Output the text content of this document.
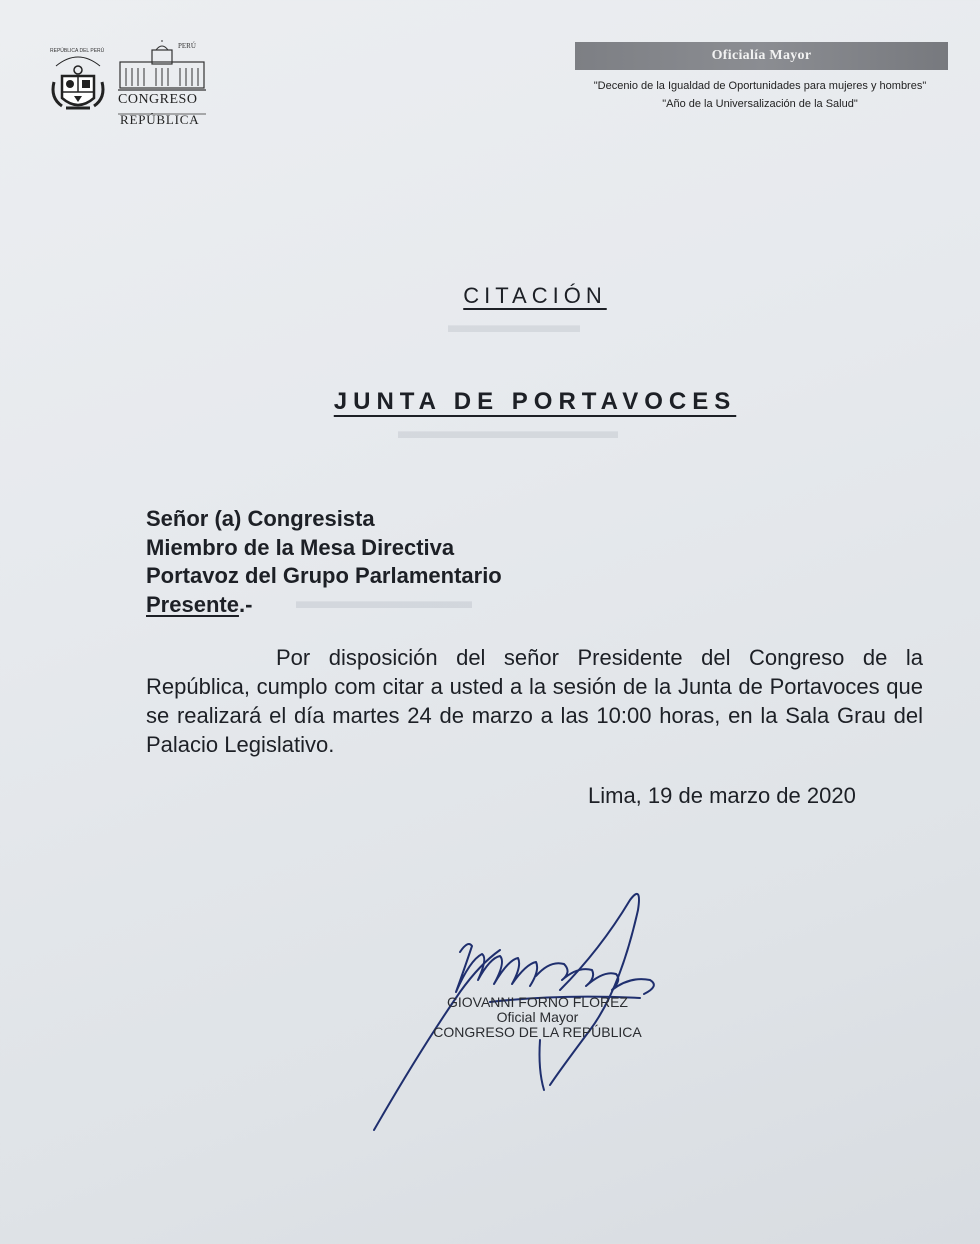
▬▬▬▬▬▬
▬▬▬▬▬▬▬▬▬▬
▬▬▬▬▬▬▬▬
REPÚBLICA DEL PERÚ
PERÚ
CONGRESO
REPÚBLICA
Oficialía Mayor
"Decenio de la Igualdad de Oportunidades para mujeres y hombres"
"Año de la Universalización de la Salud"
CITACIÓN
JUNTA DE PORTAVOCES
Señor (a) Congresista
Miembro de la Mesa Directiva
Portavoz del Grupo Parlamentario
Presente.-
Por disposición del señor Presidente del Congreso de la República, cumplo com citar a usted a la sesión de la Junta de Portavoces que se realizará el día martes 24 de marzo a las 10:00 horas, en la Sala Grau del Palacio Legislativo.
Lima, 19 de marzo de 2020
GIOVANNI FORNO FLOREZ
Oficial Mayor
CONGRESO DE LA REPÚBLICA
